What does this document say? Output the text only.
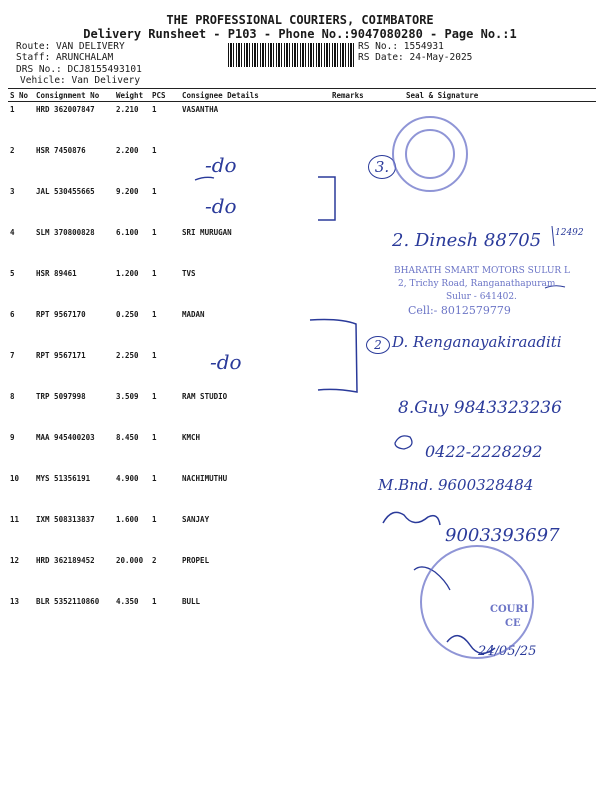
THE PROFESSIONAL COURIERS, COIMBATORE
Delivery Runsheet - P103 - Phone No.:9047080280 - Page No.:1
Route: VAN DELIVERY
Staff: ARUNCHALAM
DRS No.: DCJ8155493101
Vehicle: Van Delivery
RS No.: 1554931
RS Date: 24-May-2025
S No	Consignment No	Weight	PCS	Consignee Details	Remarks	Seal & Signature
1	HRD 362007847	2.210	1	VASANTHA		
2	HSR 7450876	2.200	1			
3	JAL 530455665	9.200	1			
4	SLM 370800828	6.100	1	SRI MURUGAN		
5	HSR 89461	1.200	1	TVS		
6	RPT 9567170	0.250	1	MADAN		
7	RPT 9567171	2.250	1			
8	TRP 5097998	3.509	1	RAM STUDIO		
9	MAA 945400203	8.450	1	KMCH		
10	MYS 51356191	4.900	1	NACHIMUTHU		
11	IXM 508313837	1.600	1	SANJAY		
12	HRD 362189452	20.000	2	PROPEL		
13	BLR 5352110860	4.350	1	BULL		
-do
-do
-do
3.
2
2. Dinesh 88705 12492
D. Renganayakiraaditi
8.Guy 9843323236
0422-2228292
M.Bnd. 9600328484
9003393697
24/05/25
BHARATH SMART MOTORS SULUR L
2, Trichy Road, Ranganathapuram
Sulur - 641402.
Cell:- 8012579779
COURI
CE
